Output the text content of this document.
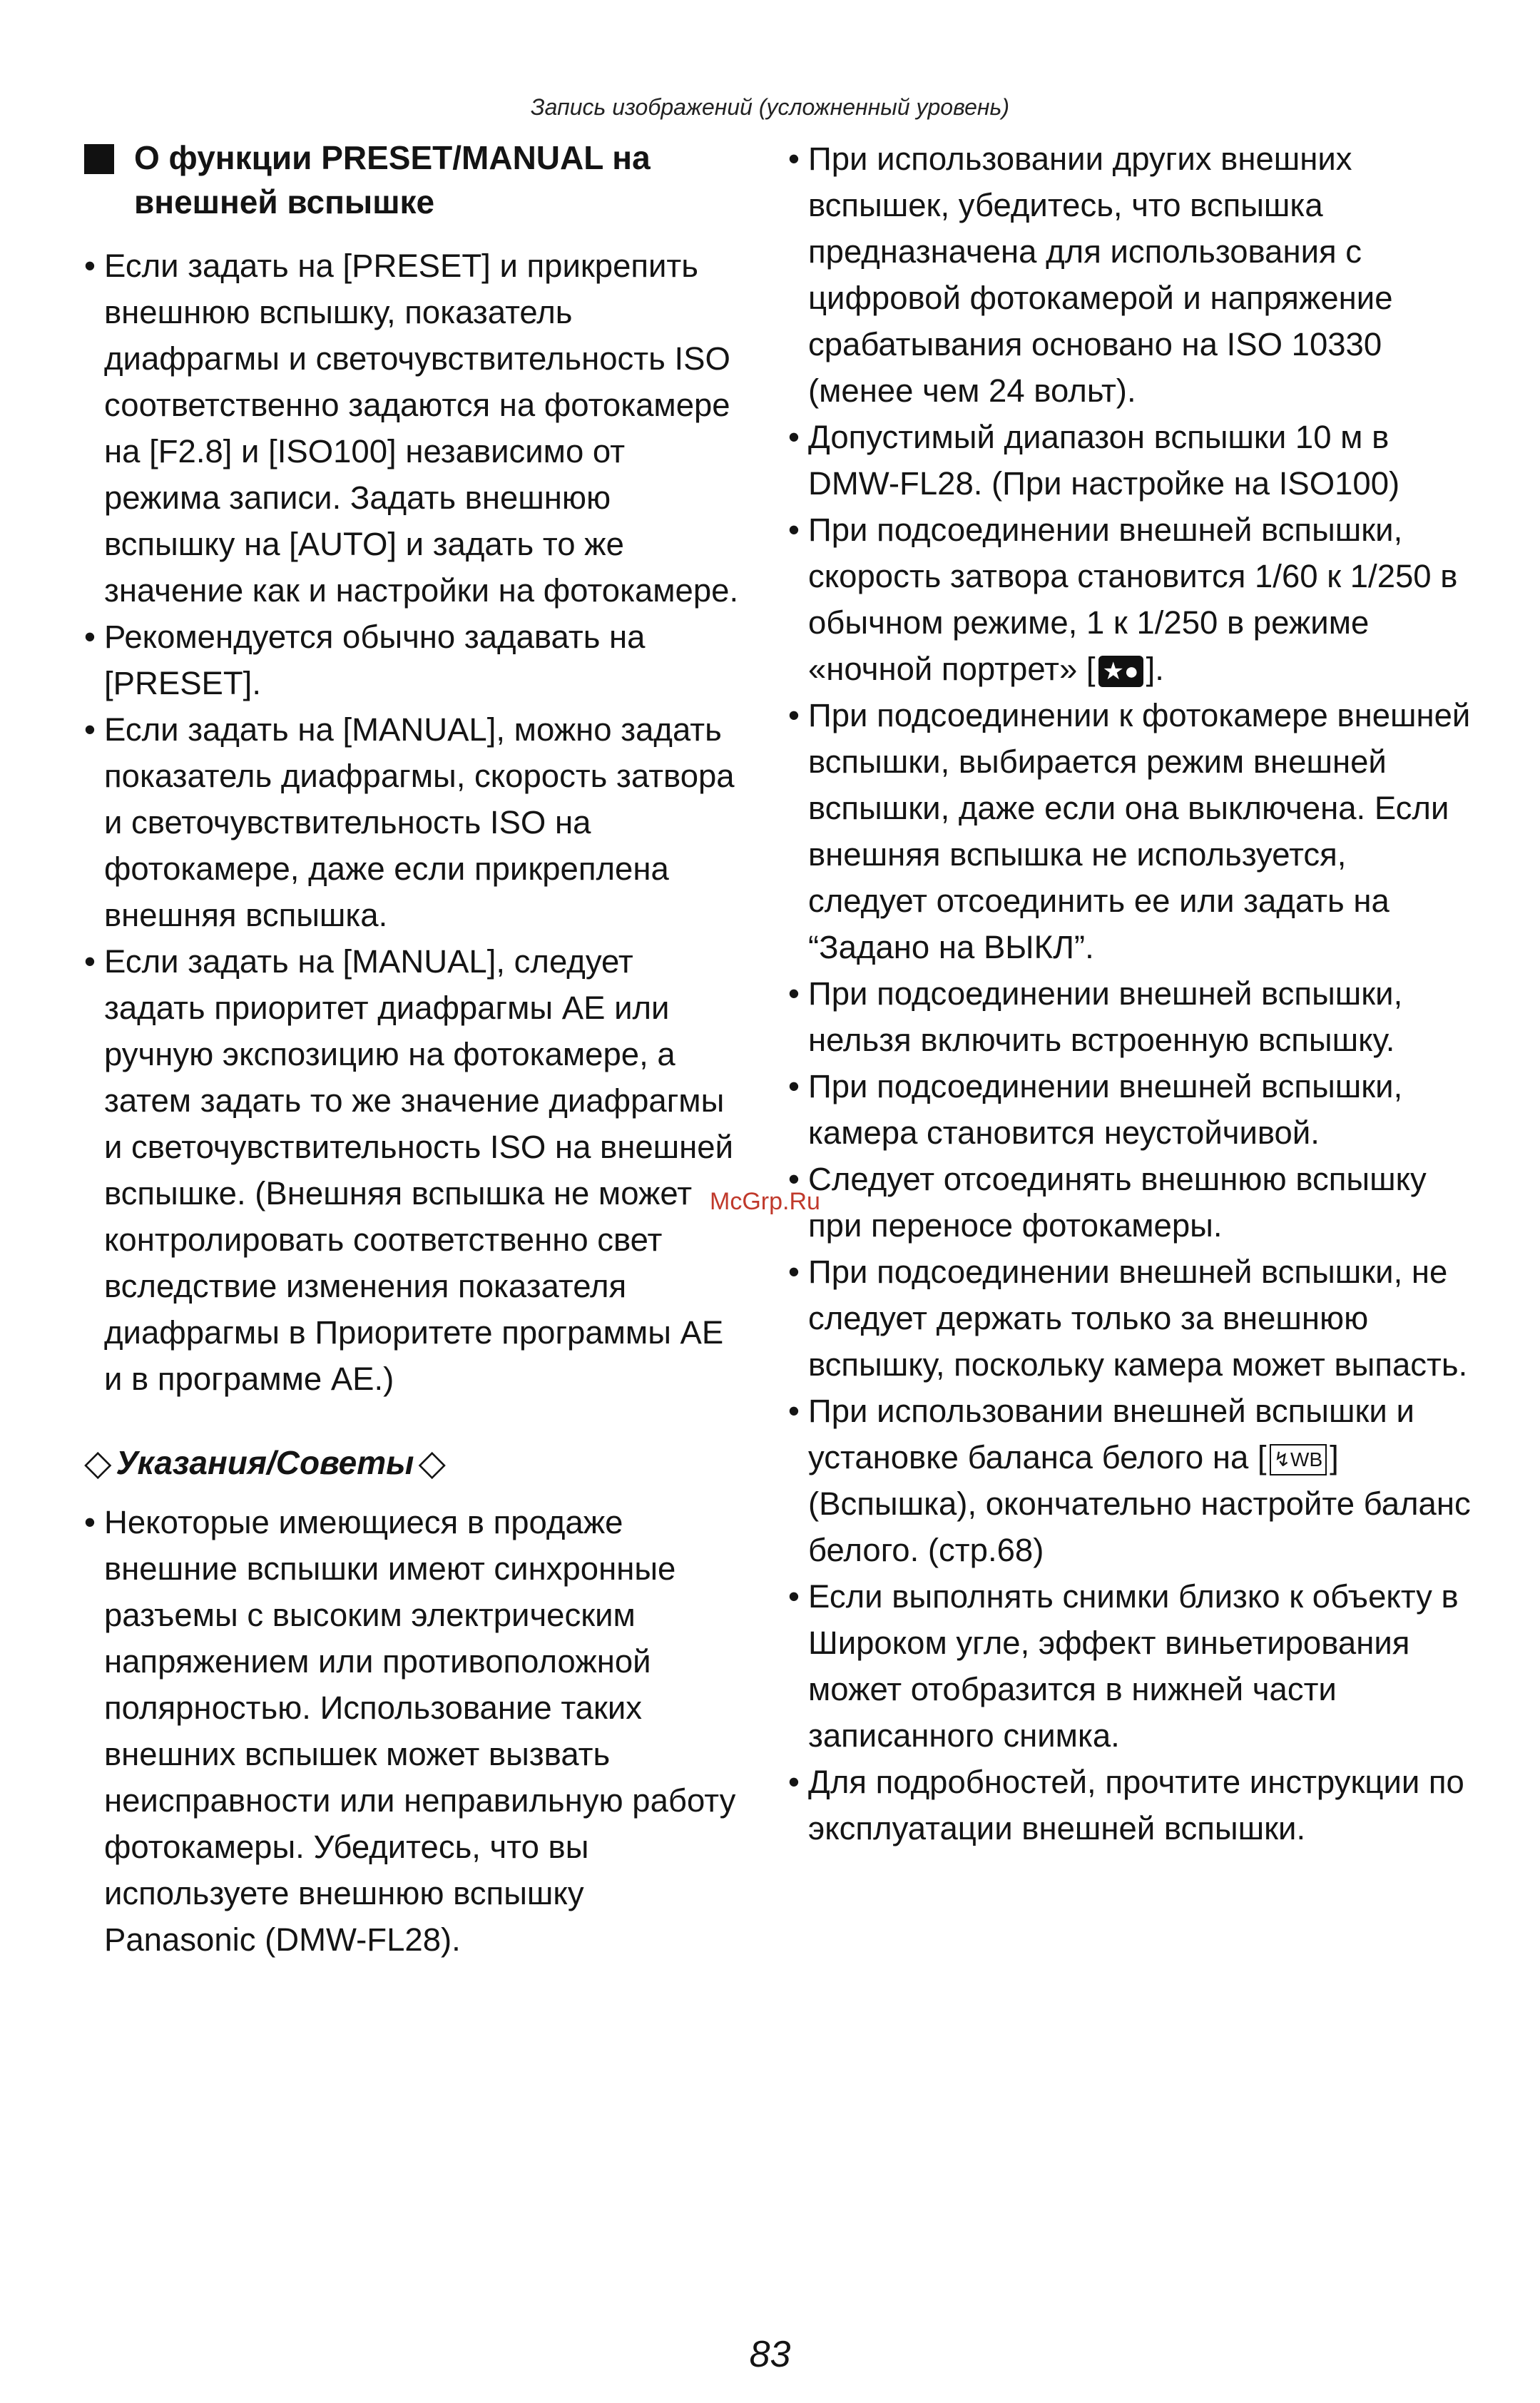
Запись изображений (усложненный уровень)
О функции PRESET/MANUAL на внешней вспышке
• Если задать на [PRESET] и прикрепить внешнюю вспышку, показатель диафрагмы и светочувствительность ISO соответственно задаются на фотокамере на [F2.8] и [ISO100] независимо от режима записи. Задать внешнюю вспышку на [AUTO] и задать то же значение как и настройки на фотокамере.
• Рекомендуется обычно задавать на [PRESET].
• Если задать на [MANUAL], можно задать показатель диафрагмы, скорость затвора и светочувствительность ISO на фотокамере, даже если прикреплена внешняя вспышка.
• Если задать на [MANUAL], следует задать приоритет диафрагмы AE или ручную экспозицию на фотокамере, а затем задать то же значение диафрагмы и светочувствительность ISO на внешней вспышке. (Внешняя вспышка не может контролировать соответственно свет вследствие изменения показателя диафрагмы в Приоритете программы AE и в программе AE.)
◇ Указания/Советы ◇
• Некоторые имеющиеся в продаже внешние вспышки имеют синхронные разъемы с высоким электрическим напряжением или противоположной полярностью. Использование таких внешних вспышек может вызвать неисправности или неправильную работу фотокамеры. Убедитесь, что вы используете внешнюю вспышку Panasonic (DMW-FL28).
• При использовании других внешних вспышек, убедитесь, что вспышка предназначена для использования с цифровой фотокамерой и напряжение срабатывания основано на ISO 10330 (менее чем 24 вольт).
• Допустимый диапазон вспышки 10 м в DMW-FL28. (При настройке на ISO100)
• При подсоединении внешней вспышки, скорость затвора становится 1/60 к 1/250 в обычном режиме, 1 к 1/250 в режиме «ночной портрет» [ ★● ].
• При подсоединении к фотокамере внешней вспышки, выбирается режим внешней вспышки, даже если она выключена. Если внешняя вспышка не используется, следует отсоединить ее или задать на “Задано на ВЫКЛ”.
• При подсоединении внешней вспышки, нельзя включить встроенную вспышку.
• При подсоединении внешней вспышки, камера становится неустойчивой.
• Следует отсоединять внешнюю вспышку при переносе фотокамеры.
• При подсоединении внешней вспышки, не следует держать только за внешнюю вспышку, поскольку камера может выпасть.
• При использовании внешней вспышки и установке баланса белого на [ ↯WB ] (Вспышка), окончательно настройте баланс белого. (стр.68)
• Если выполнять снимки близко к объекту в Широком угле, эффект виньетирования может отобразится в нижней части записанного снимка.
• Для подробностей, прочтите инструкции по эксплуатации внешней вспышки.
McGrp.Ru
83
